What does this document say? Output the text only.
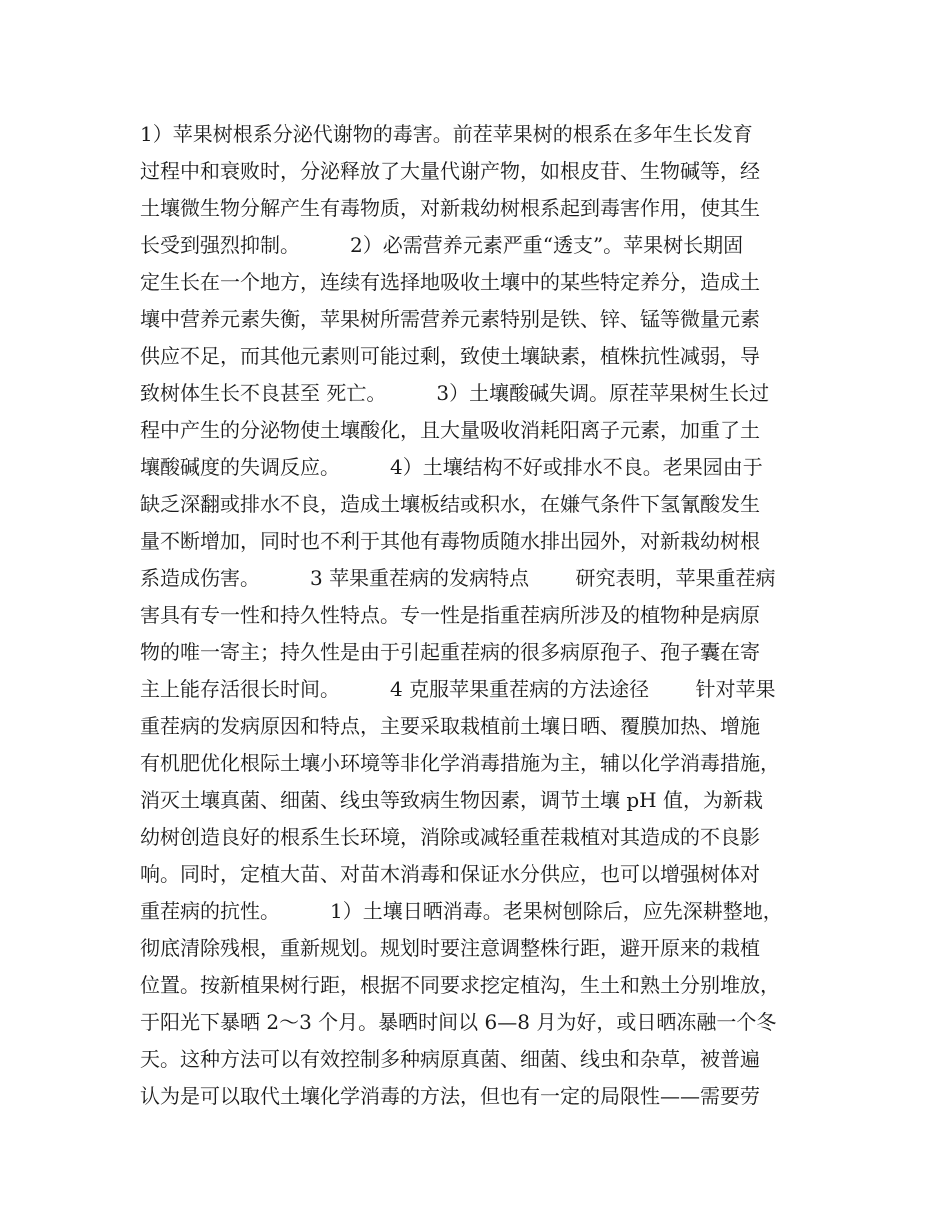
1）苹果树根系分泌代谢物的毒害。前茬苹果树的根系在多年生长发育
过程中和衰败时，分泌释放了大量代谢产物，如根皮苷、生物碱等，经
土壤微生物分解产生有毒物质，对新栽幼树根系起到毒害作用，使其生
长受到强烈抑制。　　　2）必需营养元素严重“透支”。苹果树长期固
定生长在一个地方，连续有选择地吸收土壤中的某些特定养分，造成土
壤中营养元素失衡，苹果树所需营养元素特别是铁、锌、锰等微量元素
供应不足，而其他元素则可能过剩，致使土壤缺素，植株抗性减弱，导
致树体生长不良甚至 死亡。　　　3）土壤酸碱失调。原茬苹果树生长过
程中产生的分泌物使土壤酸化，且大量吸收消耗阳离子元素，加重了土
壤酸碱度的失调反应。　　　4）土壤结构不好或排水不良。老果园由于
缺乏深翻或排水不良，造成土壤板结或积水，在嫌气条件下氢氰酸发生
量不断增加，同时也不利于其他有毒物质随水排出园外，对新栽幼树根
系造成伤害。　　　3 苹果重茬病的发病特点　　 研究表明，苹果重茬病
害具有专一性和持久性特点。专一性是指重茬病所涉及的植物种是病原
物的唯一寄主；持久性是由于引起重茬病的很多病原孢子、孢子囊在寄
主上能存活很长时间。　　　4 克服苹果重茬病的方法途径　　 针对苹果
重茬病的发病原因和特点，主要采取栽植前土壤日晒、覆膜加热、增施
有机肥优化根际土壤小环境等非化学消毒措施为主，辅以化学消毒措施，
消灭土壤真菌、细菌、线虫等致病生物因素，调节土壤 pH 值，为新栽
幼树创造良好的根系生长环境，消除或减轻重茬栽植对其造成的不良影
响。同时，定植大苗、对苗木消毒和保证水分供应，也可以增强树体对
重茬病的抗性。　　　1）土壤日晒消毒。老果树刨除后，应先深耕整地，
彻底清除残根，重新规划。规划时要注意调整株行距，避开原来的栽植
位置。按新植果树行距，根据不同要求挖定植沟，生土和熟土分别堆放，
于阳光下暴晒 2～3 个月。暴晒时间以 6—8 月为好，或日晒冻融一个冬
天。这种方法可以有效控制多种病原真菌、细菌、线虫和杂草，被普遍
认为是可以取代土壤化学消毒的方法，但也有一定的局限性——需要劳
